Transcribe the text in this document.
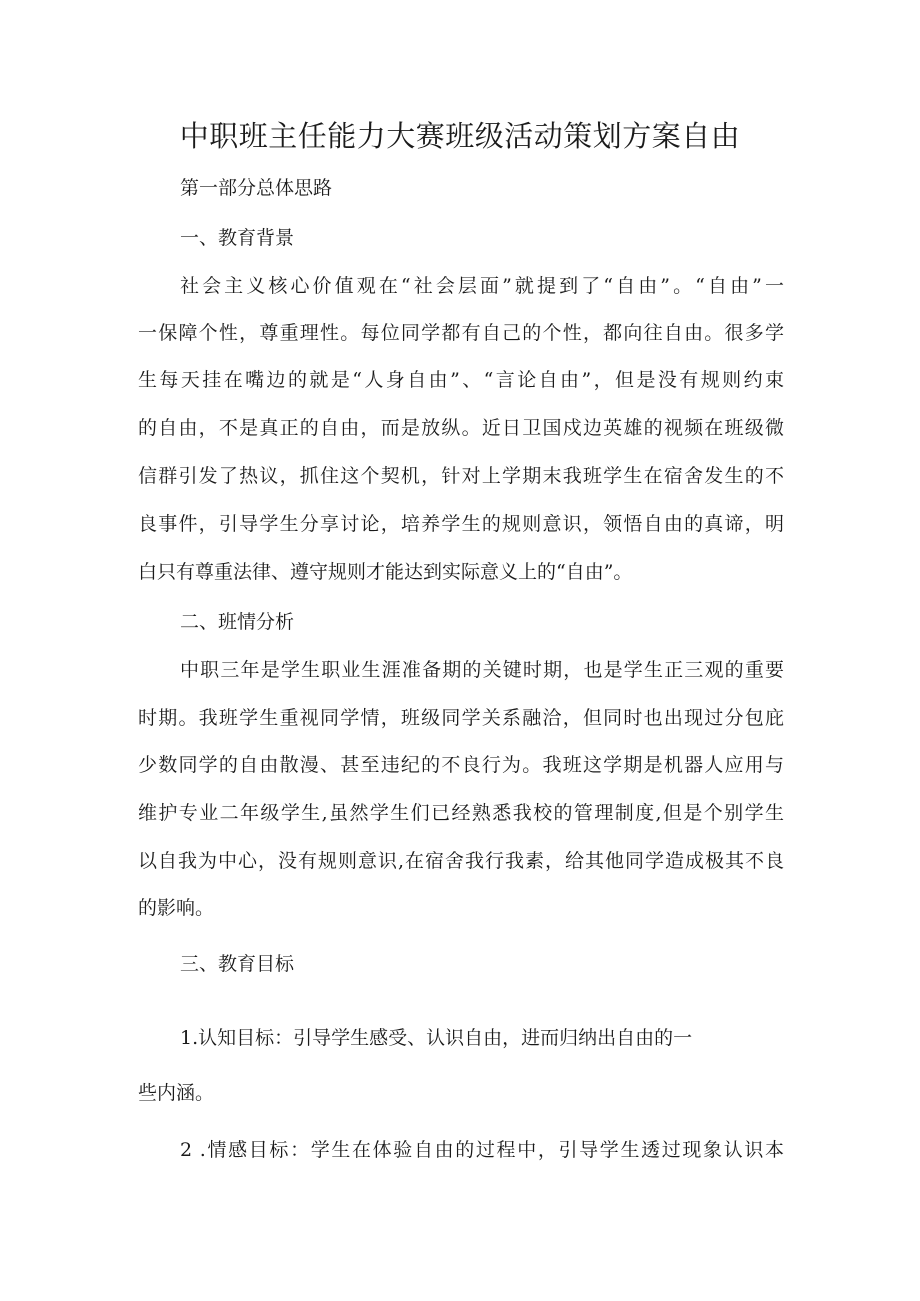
中职班主任能力大赛班级活动策划方案自由
第一部分总体思路
一、教育背景
社会主义核心价值观在“社会层面”就提到了“自由”。“自由”一
一保障个性，尊重理性。每位同学都有自己的个性，都向往自由。很多学
生每天挂在嘴边的就是“人身自由”、“言论自由”，但是没有规则约束
的自由，不是真正的自由，而是放纵。近日卫国戍边英雄的视频在班级微
信群引发了热议，抓住这个契机，针对上学期末我班学生在宿舍发生的不
良事件，引导学生分享讨论，培养学生的规则意识，领悟自由的真谛，明
白只有尊重法律、遵守规则才能达到实际意义上的“自由”。
二、班情分析
中职三年是学生职业生涯准备期的关键时期，也是学生正三观的重要
时期。我班学生重视同学情，班级同学关系融洽，但同时也出现过分包庇
少数同学的自由散漫、甚至违纪的不良行为。我班这学期是机器人应用与
维护专业二年级学生,虽然学生们已经熟悉我校的管理制度,但是个别学生
以自我为中心，没有规则意识,在宿舍我行我素，给其他同学造成极其不良
的影响。
三、教育目标
1.认知目标：引导学生感受、认识自由，进而归纳出自由的一
些内涵。
2 .情感目标：学生在体验自由的过程中，引导学生透过现象认识本
